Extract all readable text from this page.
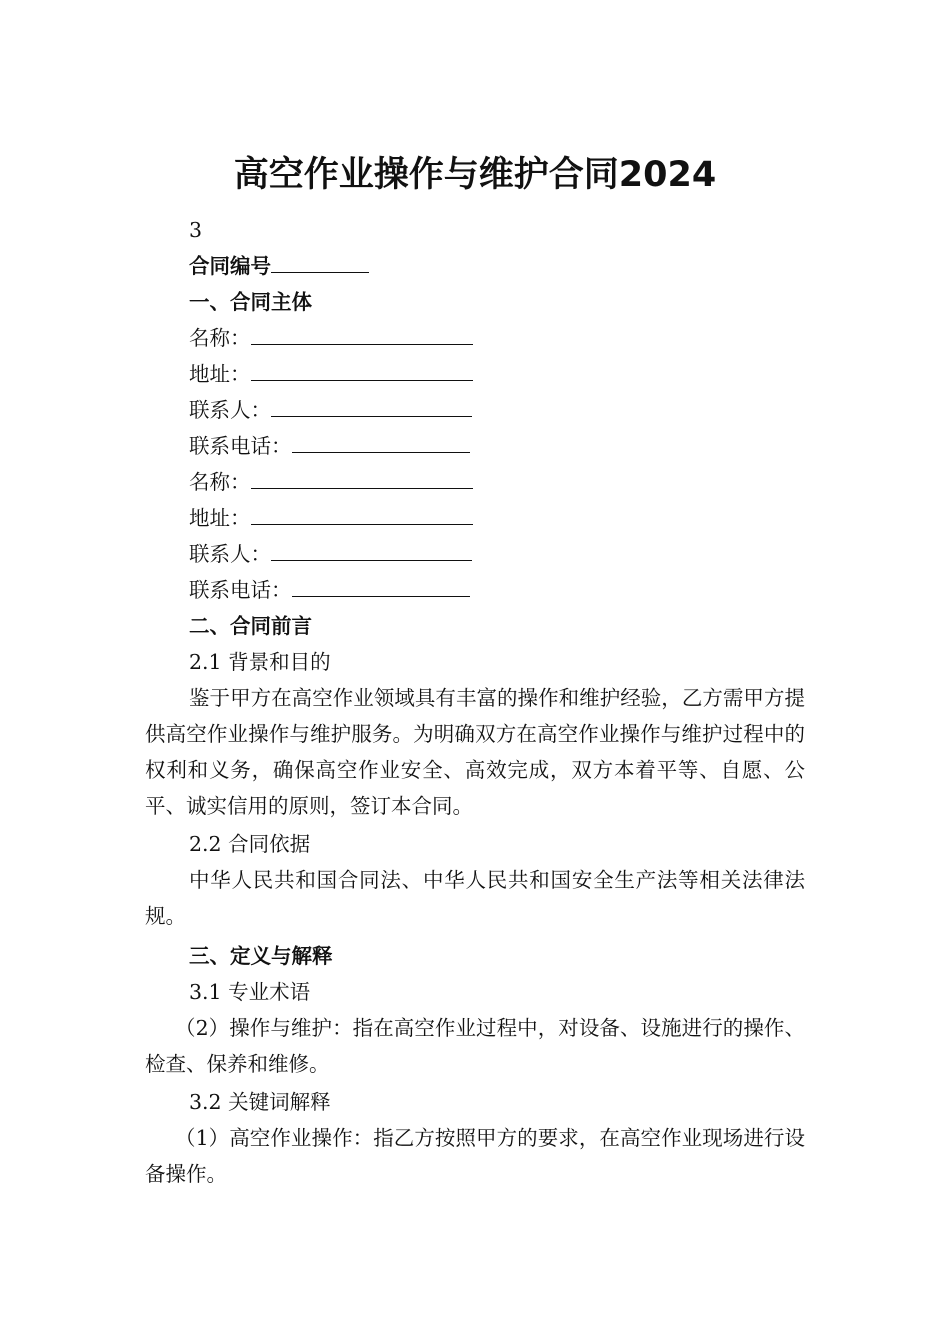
高空作业操作与维护合同2024
3
合同编号
一、合同主体
名称：
地址：
联系人：
联系电话：
名称：
地址：
联系人：
联系电话：
二、合同前言
2.1 背景和目的
鉴于甲方在高空作业领域具有丰富的操作和维护经验，乙方需甲方提供高空作业操作与维护服务。为明确双方在高空作业操作与维护过程中的权利和义务，确保高空作业安全、高效完成，双方本着平等、自愿、公平、诚实信用的原则，签订本合同。
2.2 合同依据
中华人民共和国合同法、中华人民共和国安全生产法等相关法律法规。
三、定义与解释
3.1 专业术语
（2）操作与维护：指在高空作业过程中，对设备、设施进行的操作、检查、保养和维修。
3.2 关键词解释
（1）高空作业操作：指乙方按照甲方的要求，在高空作业现场进行设备操作。
